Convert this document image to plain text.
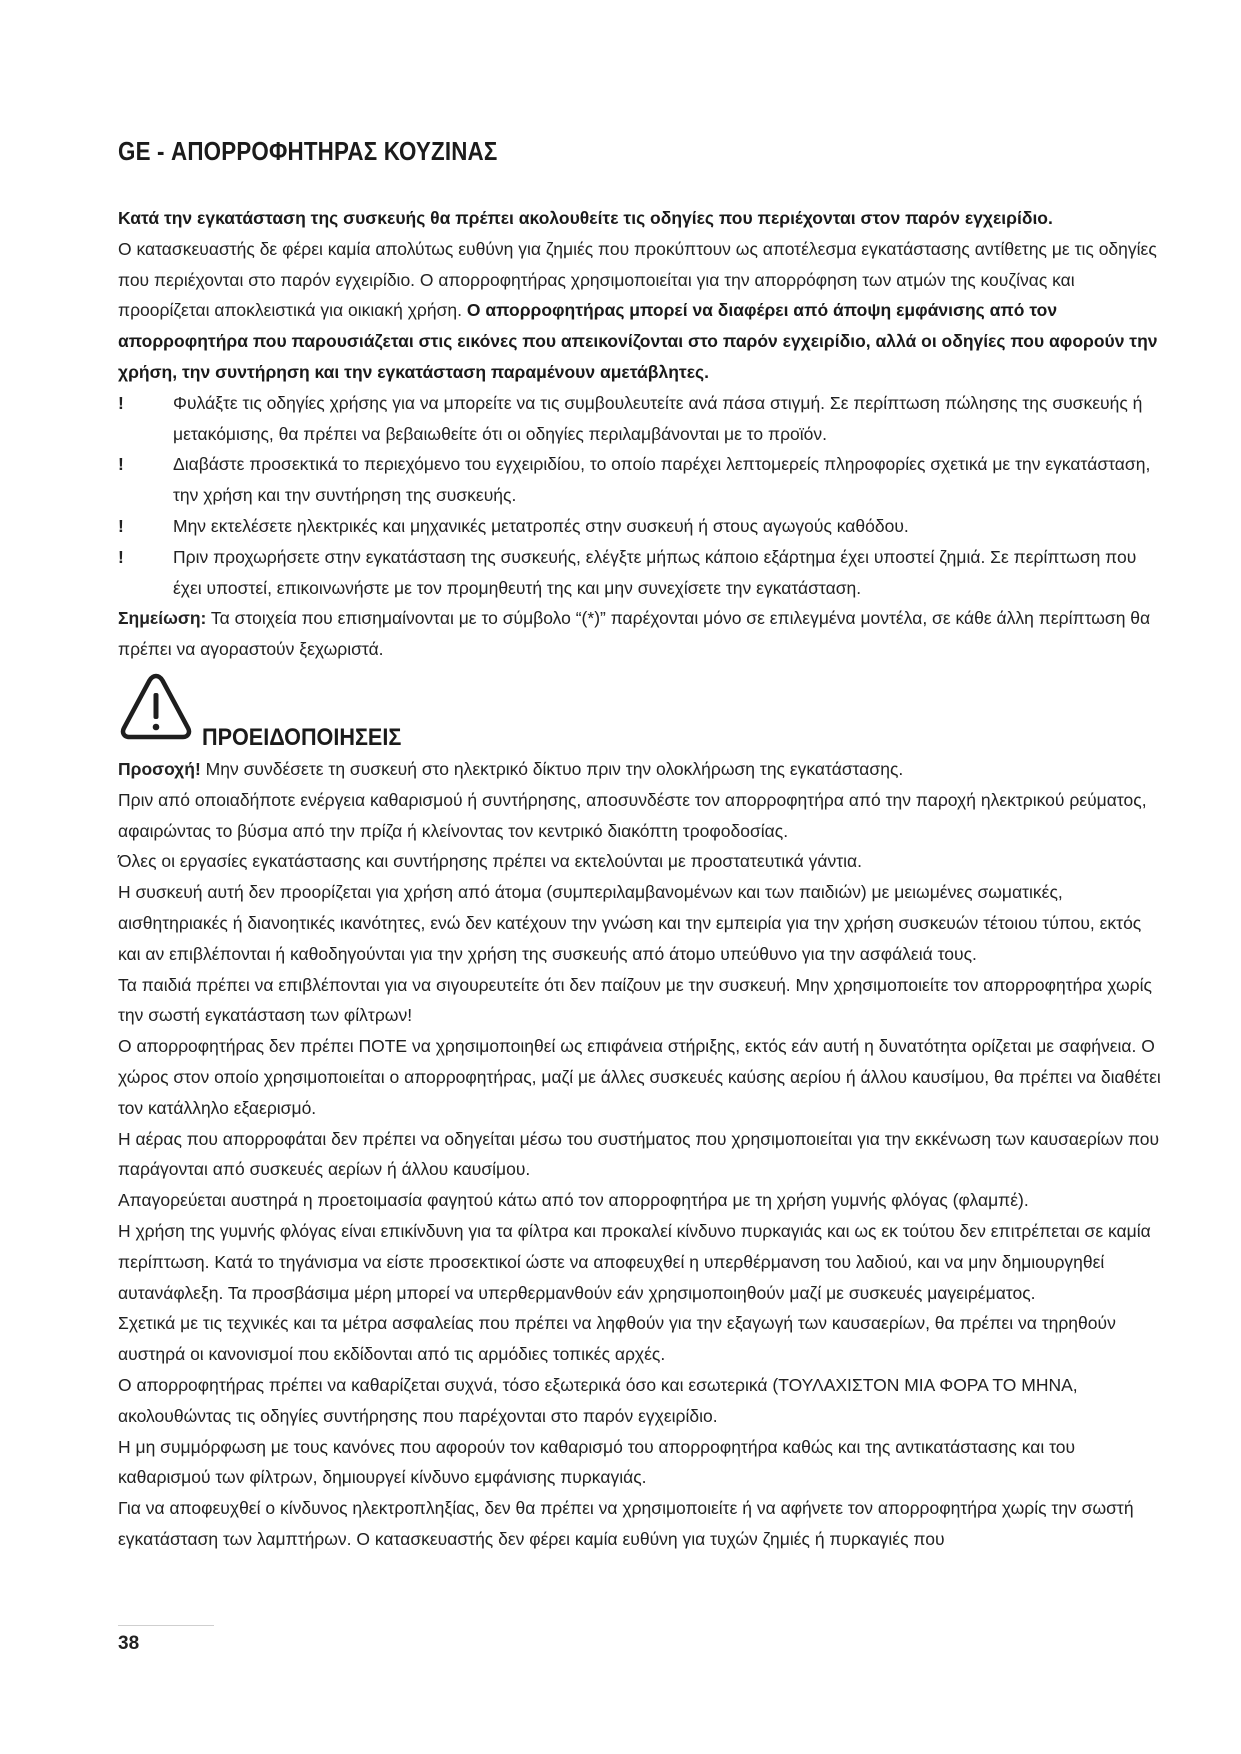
GE - ΑΠΟΡΡΟΦΗΤΗΡΑΣ ΚΟΥΖΙΝΑΣ

Κατά την εγκατάσταση της συσκευής θα πρέπει ακολουθείτε τις οδηγίες που περιέχονται στον παρόν εγχειρίδιο.

Ο κατασκευαστής δε φέρει καμία απολύτως ευθύνη για ζημιές που προκύπτουν ως αποτέλεσμα εγκατάστασης αντίθετης με τις οδηγίες που περιέχονται στο παρόν εγχειρίδιο. Ο απορροφητήρας χρησιμοποιείται για την απορρόφηση των ατμών της κουζίνας και προορίζεται αποκλειστικά για οικιακή χρήση. Ο απορροφητήρας μπορεί να διαφέρει από άποψη εμφάνισης από τον απορροφητήρα που παρουσιάζεται στις εικόνες που απεικονίζονται στο παρόν εγχειρίδιο, αλλά οι οδηγίες που αφορούν την χρήση, την συντήρηση και την εγκατάσταση παραμένουν αμετάβλητες.

!	Φυλάξτε τις οδηγίες χρήσης για να μπορείτε να τις συμβουλευτείτε ανά πάσα στιγμή. Σε περίπτωση πώλησης της συσκευής ή μετακόμισης, θα πρέπει να βεβαιωθείτε ότι οι οδηγίες περιλαμβάνονται με το προϊόν.
!	Διαβάστε προσεκτικά το περιεχόμενο του εγχειριδίου, το οποίο παρέχει λεπτομερείς πληροφορίες σχετικά με την εγκατάσταση, την χρήση και την συντήρηση της συσκευής.
!	Μην εκτελέσετε ηλεκτρικές και μηχανικές μετατροπές στην συσκευή ή στους αγωγούς καθόδου.
!	Πριν προχωρήσετε στην εγκατάσταση της συσκευής, ελέγξτε μήπως κάποιο εξάρτημα έχει υποστεί ζημιά. Σε περίπτωση που έχει υποστεί, επικοινωνήστε με τον προμηθευτή της και μην συνεχίσετε την εγκατάσταση.

Σημείωση: Τα στοιχεία που επισημαίνονται με το σύμβολο “(*)” παρέχονται μόνο σε επιλεγμένα μοντέλα, σε κάθε άλλη περίπτωση θα πρέπει να αγοραστούν ξεχωριστά.

ΠΡΟΕΙΔΟΠΟΙΗΣΕΙΣ

Προσοχή! Μην συνδέσετε τη συσκευή στο ηλεκτρικό δίκτυο πριν την ολοκλήρωση της εγκατάστασης.

Πριν από οποιαδήποτε ενέργεια καθαρισμού ή συντήρησης, αποσυνδέστε τον απορροφητήρα από την παροχή ηλεκτρικού ρεύματος, αφαιρώντας το βύσμα από την πρίζα ή κλείνοντας τον κεντρικό διακόπτη τροφοδοσίας.

Όλες οι εργασίες εγκατάστασης και συντήρησης πρέπει να εκτελούνται με προστατευτικά γάντια.

Η συσκευή αυτή δεν προορίζεται για χρήση από άτομα (συμπεριλαμβανομένων και των παιδιών) με μειωμένες σωματικές, αισθητηριακές ή διανοητικές ικανότητες, ενώ δεν κατέχουν την γνώση και την εμπειρία για την χρήση συσκευών τέτοιου τύπου, εκτός και αν επιβλέπονται ή καθοδηγούνται για την χρήση της συσκευής από άτομο υπεύθυνο για την ασφάλειά τους.

Τα παιδιά πρέπει να επιβλέπονται για να σιγουρευτείτε ότι δεν παίζουν με την συσκευή. Μην χρησιμοποιείτε τον απορροφητήρα χωρίς την σωστή εγκατάσταση των φίλτρων!

Ο απορροφητήρας δεν πρέπει ΠΟΤΕ να χρησιμοποιηθεί ως επιφάνεια στήριξης, εκτός εάν αυτή η δυνατότητα ορίζεται με σαφήνεια. Ο χώρος στον οποίο χρησιμοποιείται ο απορροφητήρας, μαζί με άλλες συσκευές καύσης αερίου ή άλλου καυσίμου, θα πρέπει να διαθέτει τον κατάλληλο εξαερισμό.

Η αέρας που απορροφάται δεν πρέπει να οδηγείται μέσω του συστήματος που χρησιμοποιείται για την εκκένωση των καυσαερίων που παράγονται από συσκευές αερίων ή άλλου καυσίμου.

Απαγορεύεται αυστηρά η προετοιμασία φαγητού κάτω από τον απορροφητήρα με τη χρήση γυμνής φλόγας (φλαμπέ).

Η χρήση της γυμνής φλόγας είναι επικίνδυνη για τα φίλτρα και προκαλεί κίνδυνο πυρκαγιάς και ως εκ τούτου δεν επιτρέπεται σε καμία περίπτωση. Κατά το τηγάνισμα να είστε προσεκτικοί ώστε να αποφευχθεί η υπερθέρμανση του λαδιού, και να μην δημιουργηθεί αυτανάφλεξη. Τα προσβάσιμα μέρη μπορεί να υπερθερμανθούν εάν χρησιμοποιηθούν μαζί με συσκευές μαγειρέματος.

Σχετικά με τις τεχνικές και τα μέτρα ασφαλείας που πρέπει να ληφθούν για την εξαγωγή των καυσαερίων, θα πρέπει να τηρηθούν αυστηρά οι κανονισμοί που εκδίδονται από τις αρμόδιες τοπικές αρχές.

Ο απορροφητήρας πρέπει να καθαρίζεται συχνά, τόσο εξωτερικά όσο και εσωτερικά (ΤΟΥΛΑΧΙΣΤΟΝ ΜΙΑ ΦΟΡΑ ΤΟ ΜΗΝΑ, ακολουθώντας τις οδηγίες συντήρησης που παρέχονται στο παρόν εγχειρίδιο.

Η μη συμμόρφωση με τους κανόνες που αφορούν τον καθαρισμό του απορροφητήρα καθώς και της αντικατάστασης και του καθαρισμού των φίλτρων, δημιουργεί κίνδυνο εμφάνισης πυρκαγιάς.

Για να αποφευχθεί ο κίνδυνος ηλεκτροπληξίας, δεν θα πρέπει να χρησιμοποιείτε ή να αφήνετε τον απορροφητήρα χωρίς την σωστή εγκατάσταση των λαμπτήρων. Ο κατασκευαστής δεν φέρει καμία ευθύνη για τυχών ζημιές ή πυρκαγιές που

38
